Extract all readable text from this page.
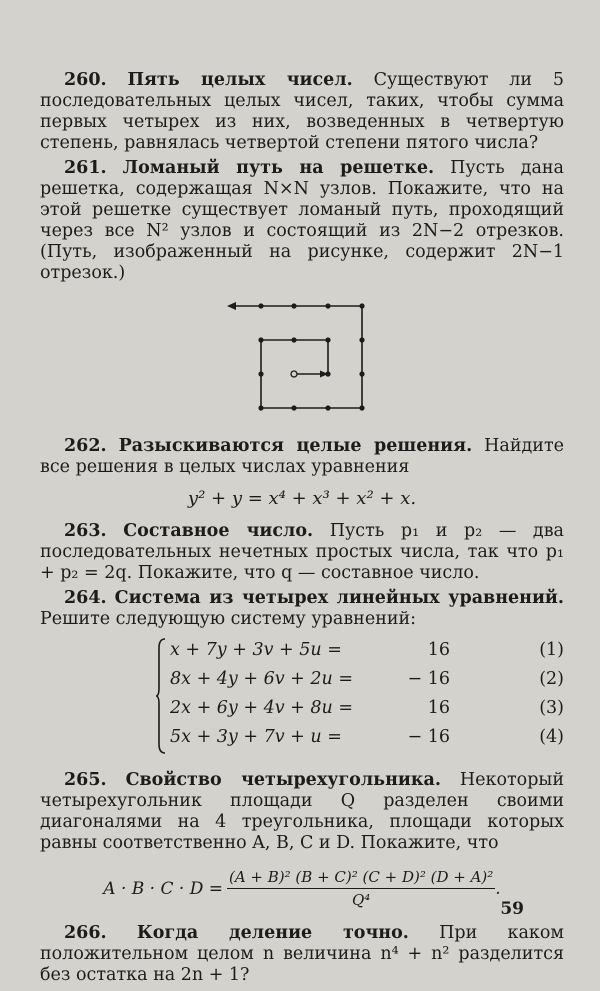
260. Пять целых чисел. Существуют ли 5 последовательных целых чисел, таких, чтобы сумма первых четырех из них, возведенных в четвертую степень, равнялась четвертой степени пятого числа?

261. Ломаный путь на решетке. Пусть дана решетка, содержащая N×N узлов. Покажите, что на этой решетке существует ломаный путь, проходящий через все N² узлов и состоящий из 2N−2 отрезков. (Путь, изображенный на рисунке, содержит 2N−1 отрезок.)

262. Разыскиваются целые решения. Найдите все решения в целых числах уравнения

y² + y = x⁴ + x³ + x² + x.

263. Составное число. Пусть p₁ и p₂ — два последовательных нечетных простых числа, так что p₁ + p₂ = 2q. Покажите, что q — составное число.

264. Система из четырех линейных уравнений. Решите следующую систему уравнений:

x + 7y + 3v + 5u =	16	(1)
8x + 4y + 6v + 2u =	− 16	(2)
2x + 6y + 4v + 8u =	16	(3)
5x + 3y + 7v + u =	− 16	(4)

265. Свойство четырехугольника. Некоторый четырехугольник площади Q разделен своими диагоналями на 4 треугольника, площади которых равны соответственно A, B, C и D. Покажите, что

$A \cdot B \cdot C \cdot D = \frac{\text{(A + B)² (B + C)² (C + D)² (D + A)²}}{\text{Q⁴}}$ .

266. Когда деление точно. При каком положительном целом n величина n⁴ + n² разделится без остатка на 2n + 1?

59
